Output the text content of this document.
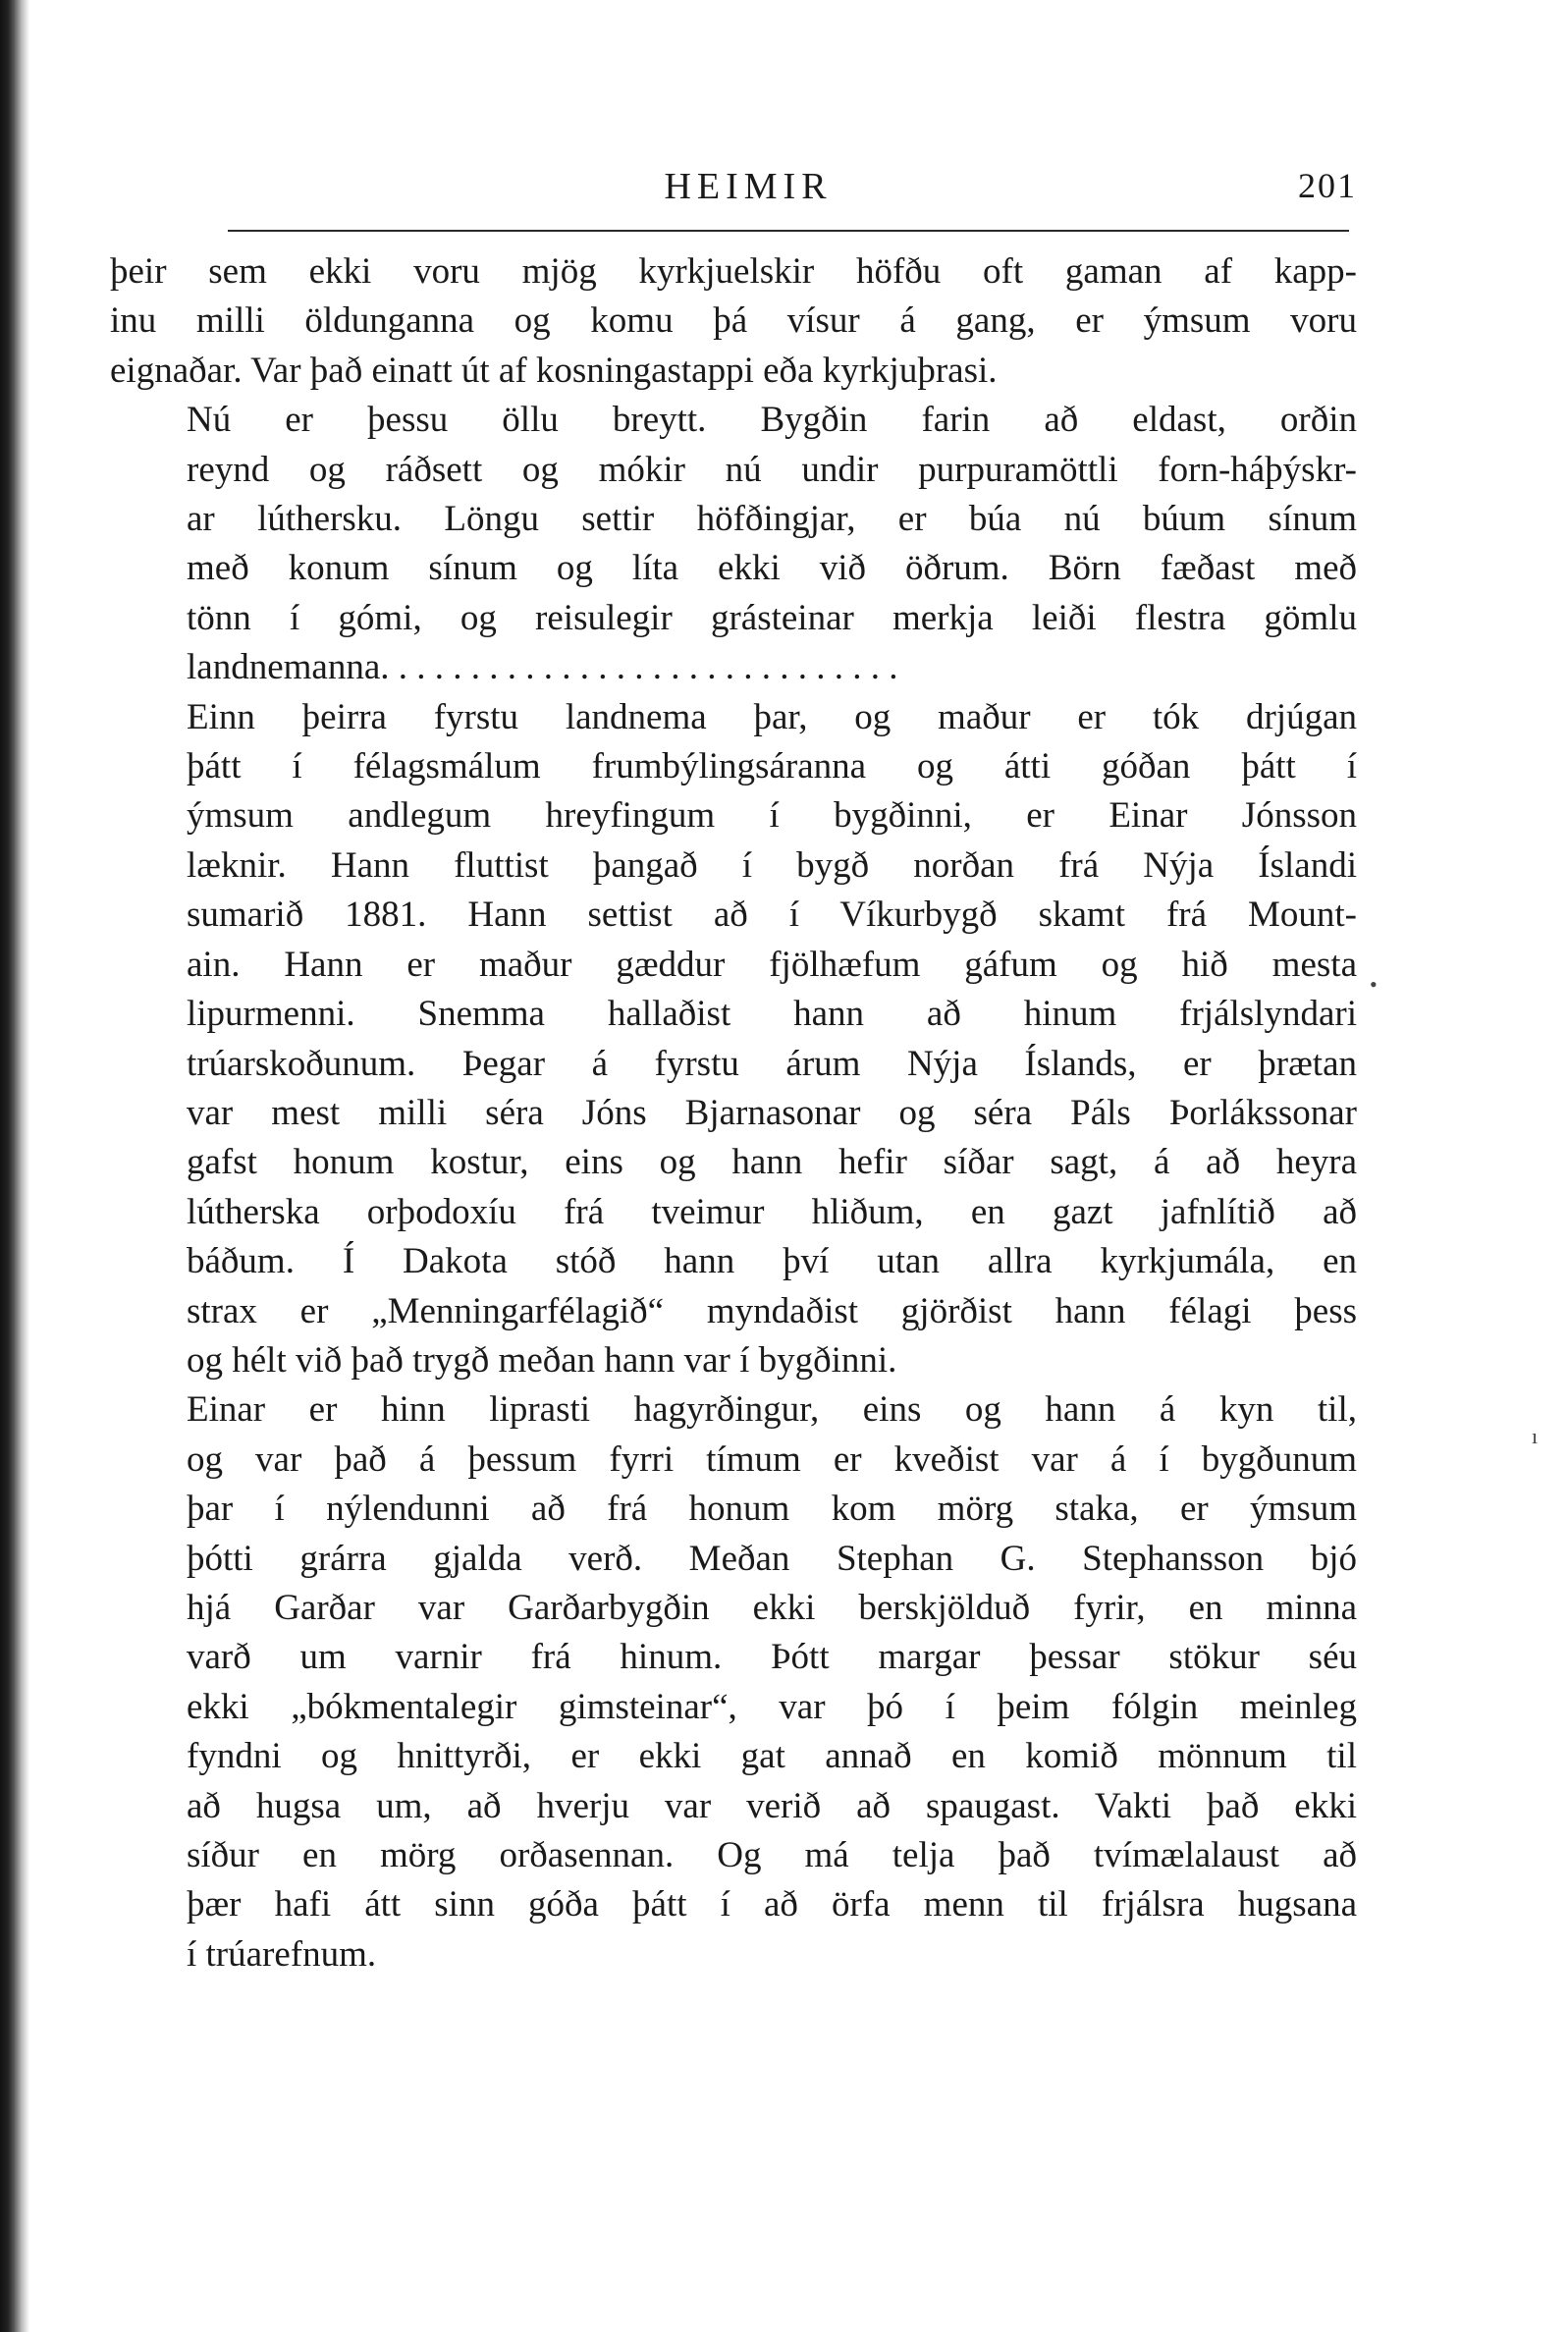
HEIMIR	201

þeir sem ekki voru mjög kyrkjuelskir höfðu oft gaman af kapp-
inu milli öldunganna og komu þá vísur á gang, er ýmsum voru
eignaðar. Var það einatt út af kosningastappi eða kyrkjuþrasi.

Nú er þessu öllu breytt. Bygðin farin að eldast, orðin
reynd og ráðsett og mókir nú undir purpuramöttli forn-háþýskr-
ar lúthersku. Löngu settir höfðingjar, er búa nú búum sínum
með konum sínum og líta ekki við öðrum. Börn fæðast með
tönn í gómi, og reisulegir grásteinar merkja leiði flestra gömlu
landnemanna. . . . . . . . . . . . . . . . . . . . . . . . . . . . .

Einn þeirra fyrstu landnema þar, og maður er tók drjúgan
þátt í félagsmálum frumbýlingsáranna og átti góðan þátt í
ýmsum andlegum hreyfingum í bygðinni, er Einar Jónsson
læknir. Hann fluttist þangað í bygð norðan frá Nýja Íslandi
sumarið 1881. Hann settist að í Víkurbygð skamt frá Mount-
ain. Hann er maður gæddur fjölhæfum gáfum og hið mesta
lipurmenni. Snemma hallaðist hann að hinum frjálslyndari
trúarskoðunum. Þegar á fyrstu árum Nýja Íslands, er þrætan
var mest milli séra Jóns Bjarnasonar og séra Páls Þorlákssonar
gafst honum kostur, eins og hann hefir síðar sagt, á að heyra
lútherska orþodoxíu frá tveimur hliðum, en gazt jafnlítið að
báðum. Í Dakota stóð hann því utan allra kyrkjumála, en
strax er „Menningarfélagið“ myndaðist gjörðist hann félagi þess
og hélt við það trygð meðan hann var í bygðinni.

Einar er hinn liprasti hagyrðingur, eins og hann á kyn til,
og var það á þessum fyrri tímum er kveðist var á í bygðunum
þar í nýlendunni að frá honum kom mörg staka, er ýmsum
þótti grárra gjalda verð. Meðan Stephan G. Stephansson bjó
hjá Garðar var Garðarbygðin ekki berskjölduð fyrir, en minna
varð um varnir frá hinum. Þótt margar þessar stökur séu
ekki „bókmentalegir gimsteinar“, var þó í þeim fólgin meinleg
fyndni og hnittyrði, er ekki gat annað en komið mönnum til
að hugsa um, að hverju var verið að spaugast. Vakti það ekki
síður en mörg orðasennan. Og má telja það tvímælalaust að
þær hafi átt sinn góða þátt í að örfa menn til frjálsra hugsana
í trúarefnum.

•
ı
